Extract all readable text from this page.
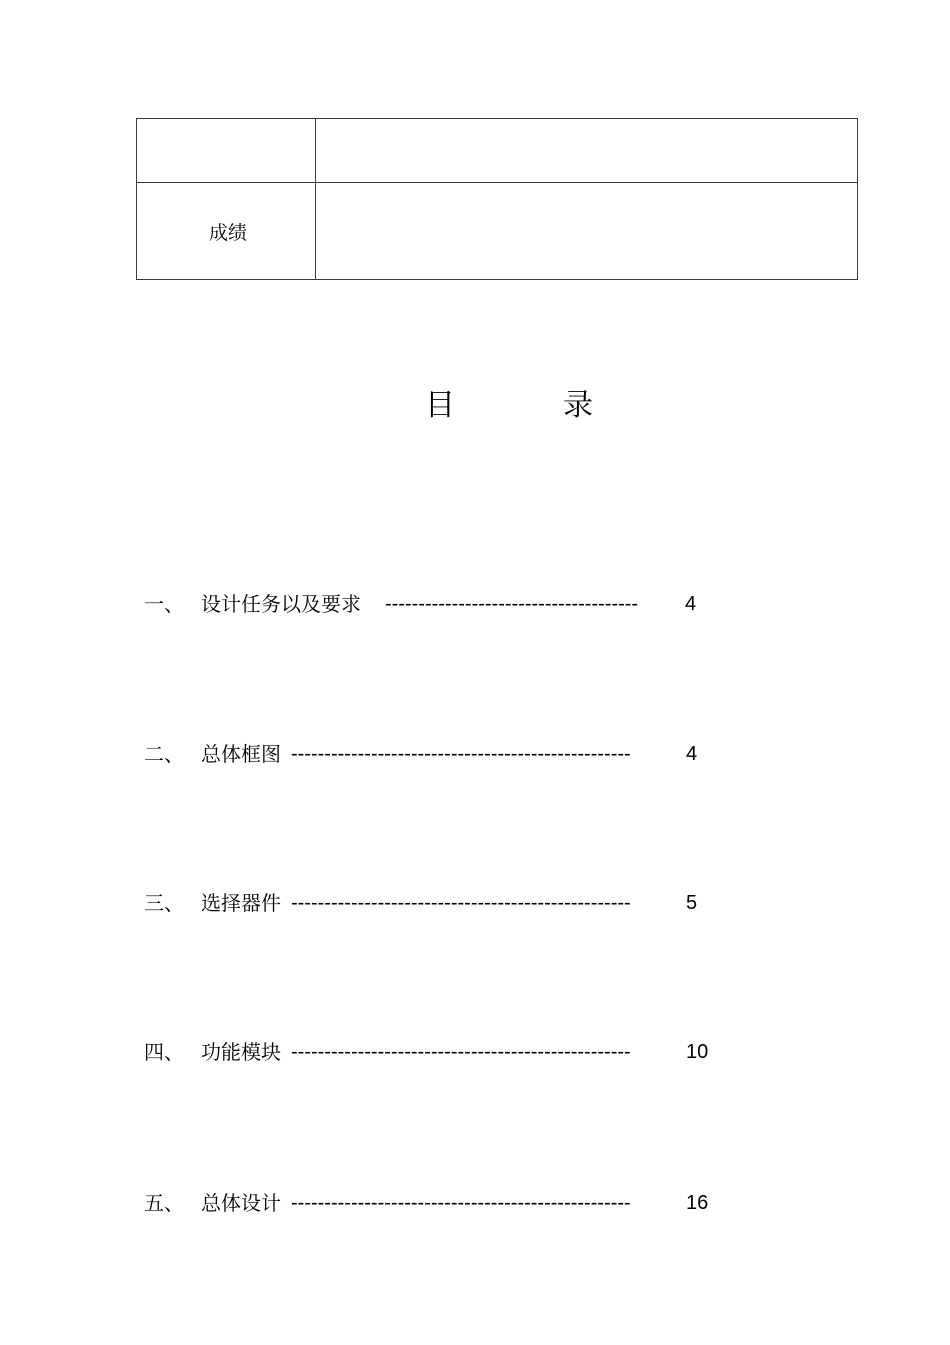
成绩	
目	录
一、 设计任务以及要求 --------------------------------------	4
二、 总体框图 ---------------------------------------------------	4
三、 选择器件 ---------------------------------------------------	5
四、 功能模块 ---------------------------------------------------	10
五、 总体设计 ---------------------------------------------------	16
